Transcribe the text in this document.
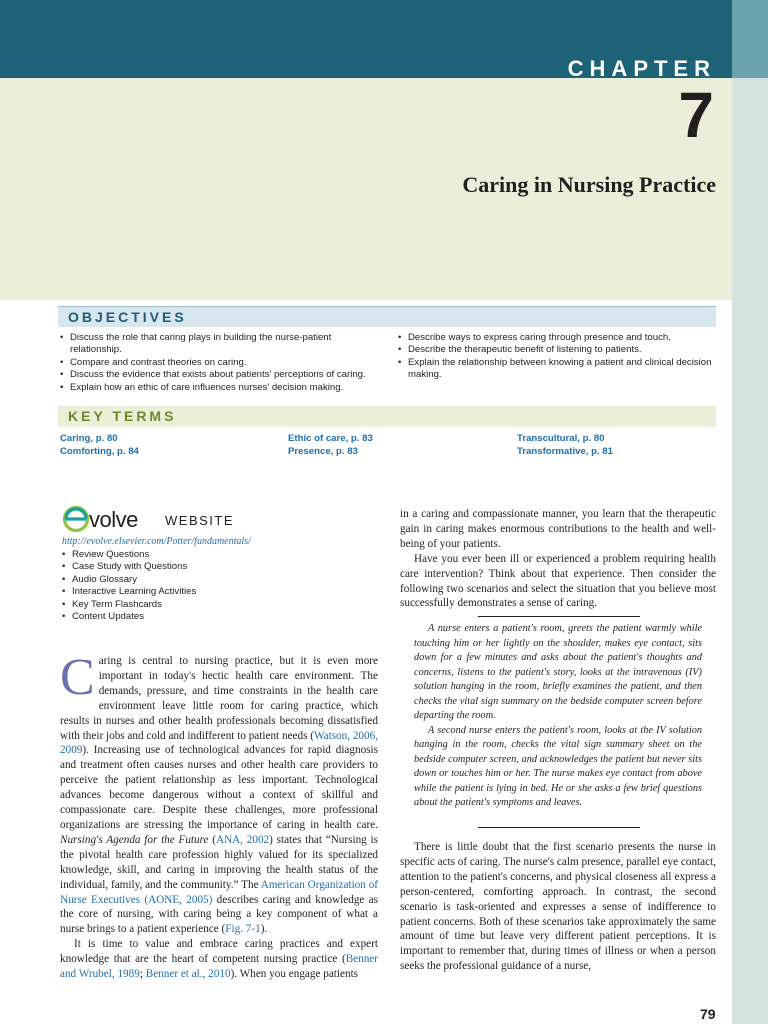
CHAPTER
7
Caring in Nursing Practice
OBJECTIVES
• Discuss the role that caring plays in building the nurse-patient relationship.
• Compare and contrast theories on caring.
• Discuss the evidence that exists about patients' perceptions of caring.
• Explain how an ethic of care influences nurses' decision making.
• Describe ways to express caring through presence and touch.
• Describe the therapeutic benefit of listening to patients.
• Explain the relationship between knowing a patient and clinical decision making.
KEY TERMS
Caring, p. 80
Comforting, p. 84
Ethic of care, p. 83
Presence, p. 83
Transcultural, p. 80
Transformative, p. 81
volve WEBSITE
http://evolve.elsevier.com/Potter/fundamentals/
• Review Questions
• Case Study with Questions
• Audio Glossary
• Interactive Learning Activities
• Key Term Flashcards
• Content Updates

Caring is central to nursing practice, but it is even more important in today's hectic health care environment. The demands, pressure, and time constraints in the health care environment leave little room for caring practice, which results in nurses and other health professionals becoming dissatisfied with their jobs and cold and indifferent to patient needs (Watson, 2006, 2009). Increasing use of technological advances for rapid diagnosis and treatment often causes nurses and other health care providers to perceive the patient relationship as less important. Technological advances become dangerous without a context of skillful and compassionate care. Despite these challenges, more professional organizations are stressing the importance of caring in health care. Nursing's Agenda for the Future (ANA, 2002) states that “Nursing is the pivotal health care profession highly valued for its specialized knowledge, skill, and caring in improving the health status of the individual, family, and the community.” The American Organization of Nurse Executives (AONE, 2005) describes caring and knowledge as the core of nursing, with caring being a key component of what a nurse brings to a patient experience (Fig. 7-1).

It is time to value and embrace caring practices and expert knowledge that are the heart of competent nursing practice (Benner and Wrubel, 1989; Benner et al., 2010). When you engage patients

in a caring and compassionate manner, you learn that the therapeutic gain in caring makes enormous contributions to the health and well-being of your patients.

Have you ever been ill or experienced a problem requiring health care intervention? Think about that experience. Then consider the following two scenarios and select the situation that you believe most successfully demonstrates a sense of caring.

A nurse enters a patient's room, greets the patient warmly while touching him or her lightly on the shoulder, makes eye contact, sits down for a few minutes and asks about the patient's thoughts and concerns, listens to the patient's story, looks at the intravenous (IV) solution hanging in the room, briefly examines the patient, and then checks the vital sign summary on the bedside computer screen before departing the room.

A second nurse enters the patient's room, looks at the IV solution hanging in the room, checks the vital sign summary sheet on the bedside computer screen, and acknowledges the patient but never sits down or touches him or her. The nurse makes eye contact from above while the patient is lying in bed. He or she asks a few brief questions about the patient's symptoms and leaves.

There is little doubt that the first scenario presents the nurse in specific acts of caring. The nurse's calm presence, parallel eye contact, attention to the patient's concerns, and physical closeness all express a person-centered, comforting approach. In contrast, the second scenario is task-oriented and expresses a sense of indifference to patient concerns. Both of these scenarios take approximately the same amount of time but leave very different patient perceptions. It is important to remember that, during times of illness or when a person seeks the professional guidance of a nurse,

79
